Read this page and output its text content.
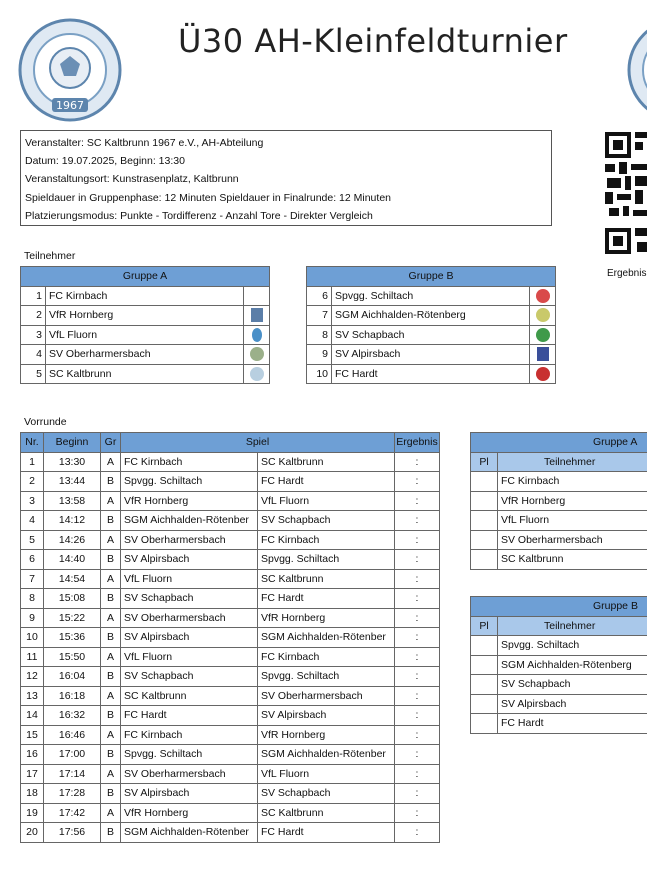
1967
Ü30 AH-Kleinfeldturnier
Veranstalter: SC Kaltbrunn 1967 e.V., AH-Abteilung
Datum: 19.07.2025, Beginn: 13:30
Veranstaltungsort: Kunstrasenplatz, Kaltbrunn
Spieldauer in Gruppenphase: 12 Minuten Spieldauer in Finalrunde: 12 Minuten
Platzierungsmodus: Punkte - Tordifferenz - Anzahl Tore - Direkter Vergleich
Ergebnis
Teilnehmer
Gruppe A		
1	FC Kirnbach	
2	VfR Hornberg	
3	VfL Fluorn	
4	SV Oberharmersbach	
5	SC Kaltbrunn	
Gruppe B		
6	Spvgg. Schiltach	
7	SGM Aichhalden-Rötenberg	
8	SV Schapbach	
9	SV Alpirsbach	
10	FC Hardt	
Vorrunde
Nr.	Beginn	Gr	Spiel		Ergebnis
1	13:30	A	FC Kirnbach	SC Kaltbrunn	:
2	13:44	B	Spvgg. Schiltach	FC Hardt	:
3	13:58	A	VfR Hornberg	VfL Fluorn	:
4	14:12	B	SGM Aichhalden-Rötenber	SV Schapbach	:
5	14:26	A	SV Oberharmersbach	FC Kirnbach	:
6	14:40	B	SV Alpirsbach	Spvgg. Schiltach	:
7	14:54	A	VfL Fluorn	SC Kaltbrunn	:
8	15:08	B	SV Schapbach	FC Hardt	:
9	15:22	A	SV Oberharmersbach	VfR Hornberg	:
10	15:36	B	SV Alpirsbach	SGM Aichhalden-Rötenber	:
11	15:50	A	VfL Fluorn	FC Kirnbach	:
12	16:04	B	SV Schapbach	Spvgg. Schiltach	:
13	16:18	A	SC Kaltbrunn	SV Oberharmersbach	:
14	16:32	B	FC Hardt	SV Alpirsbach	:
15	16:46	A	FC Kirnbach	VfR Hornberg	:
16	17:00	B	Spvgg. Schiltach	SGM Aichhalden-Rötenber	:
17	17:14	A	SV Oberharmersbach	VfL Fluorn	:
18	17:28	B	SV Alpirsbach	SV Schapbach	:
19	17:42	A	VfR Hornberg	SC Kaltbrunn	:
20	17:56	B	SGM Aichhalden-Rötenber	FC Hardt	:
Gruppe A	
Pl	Teilnehmer
	FC Kirnbach
	VfR Hornberg
	VfL Fluorn
	SV Oberharmersbach
	SC Kaltbrunn
Gruppe B	
Pl	Teilnehmer
	Spvgg. Schiltach
	SGM Aichhalden-Rötenberg
	SV Schapbach
	SV Alpirsbach
	FC Hardt
